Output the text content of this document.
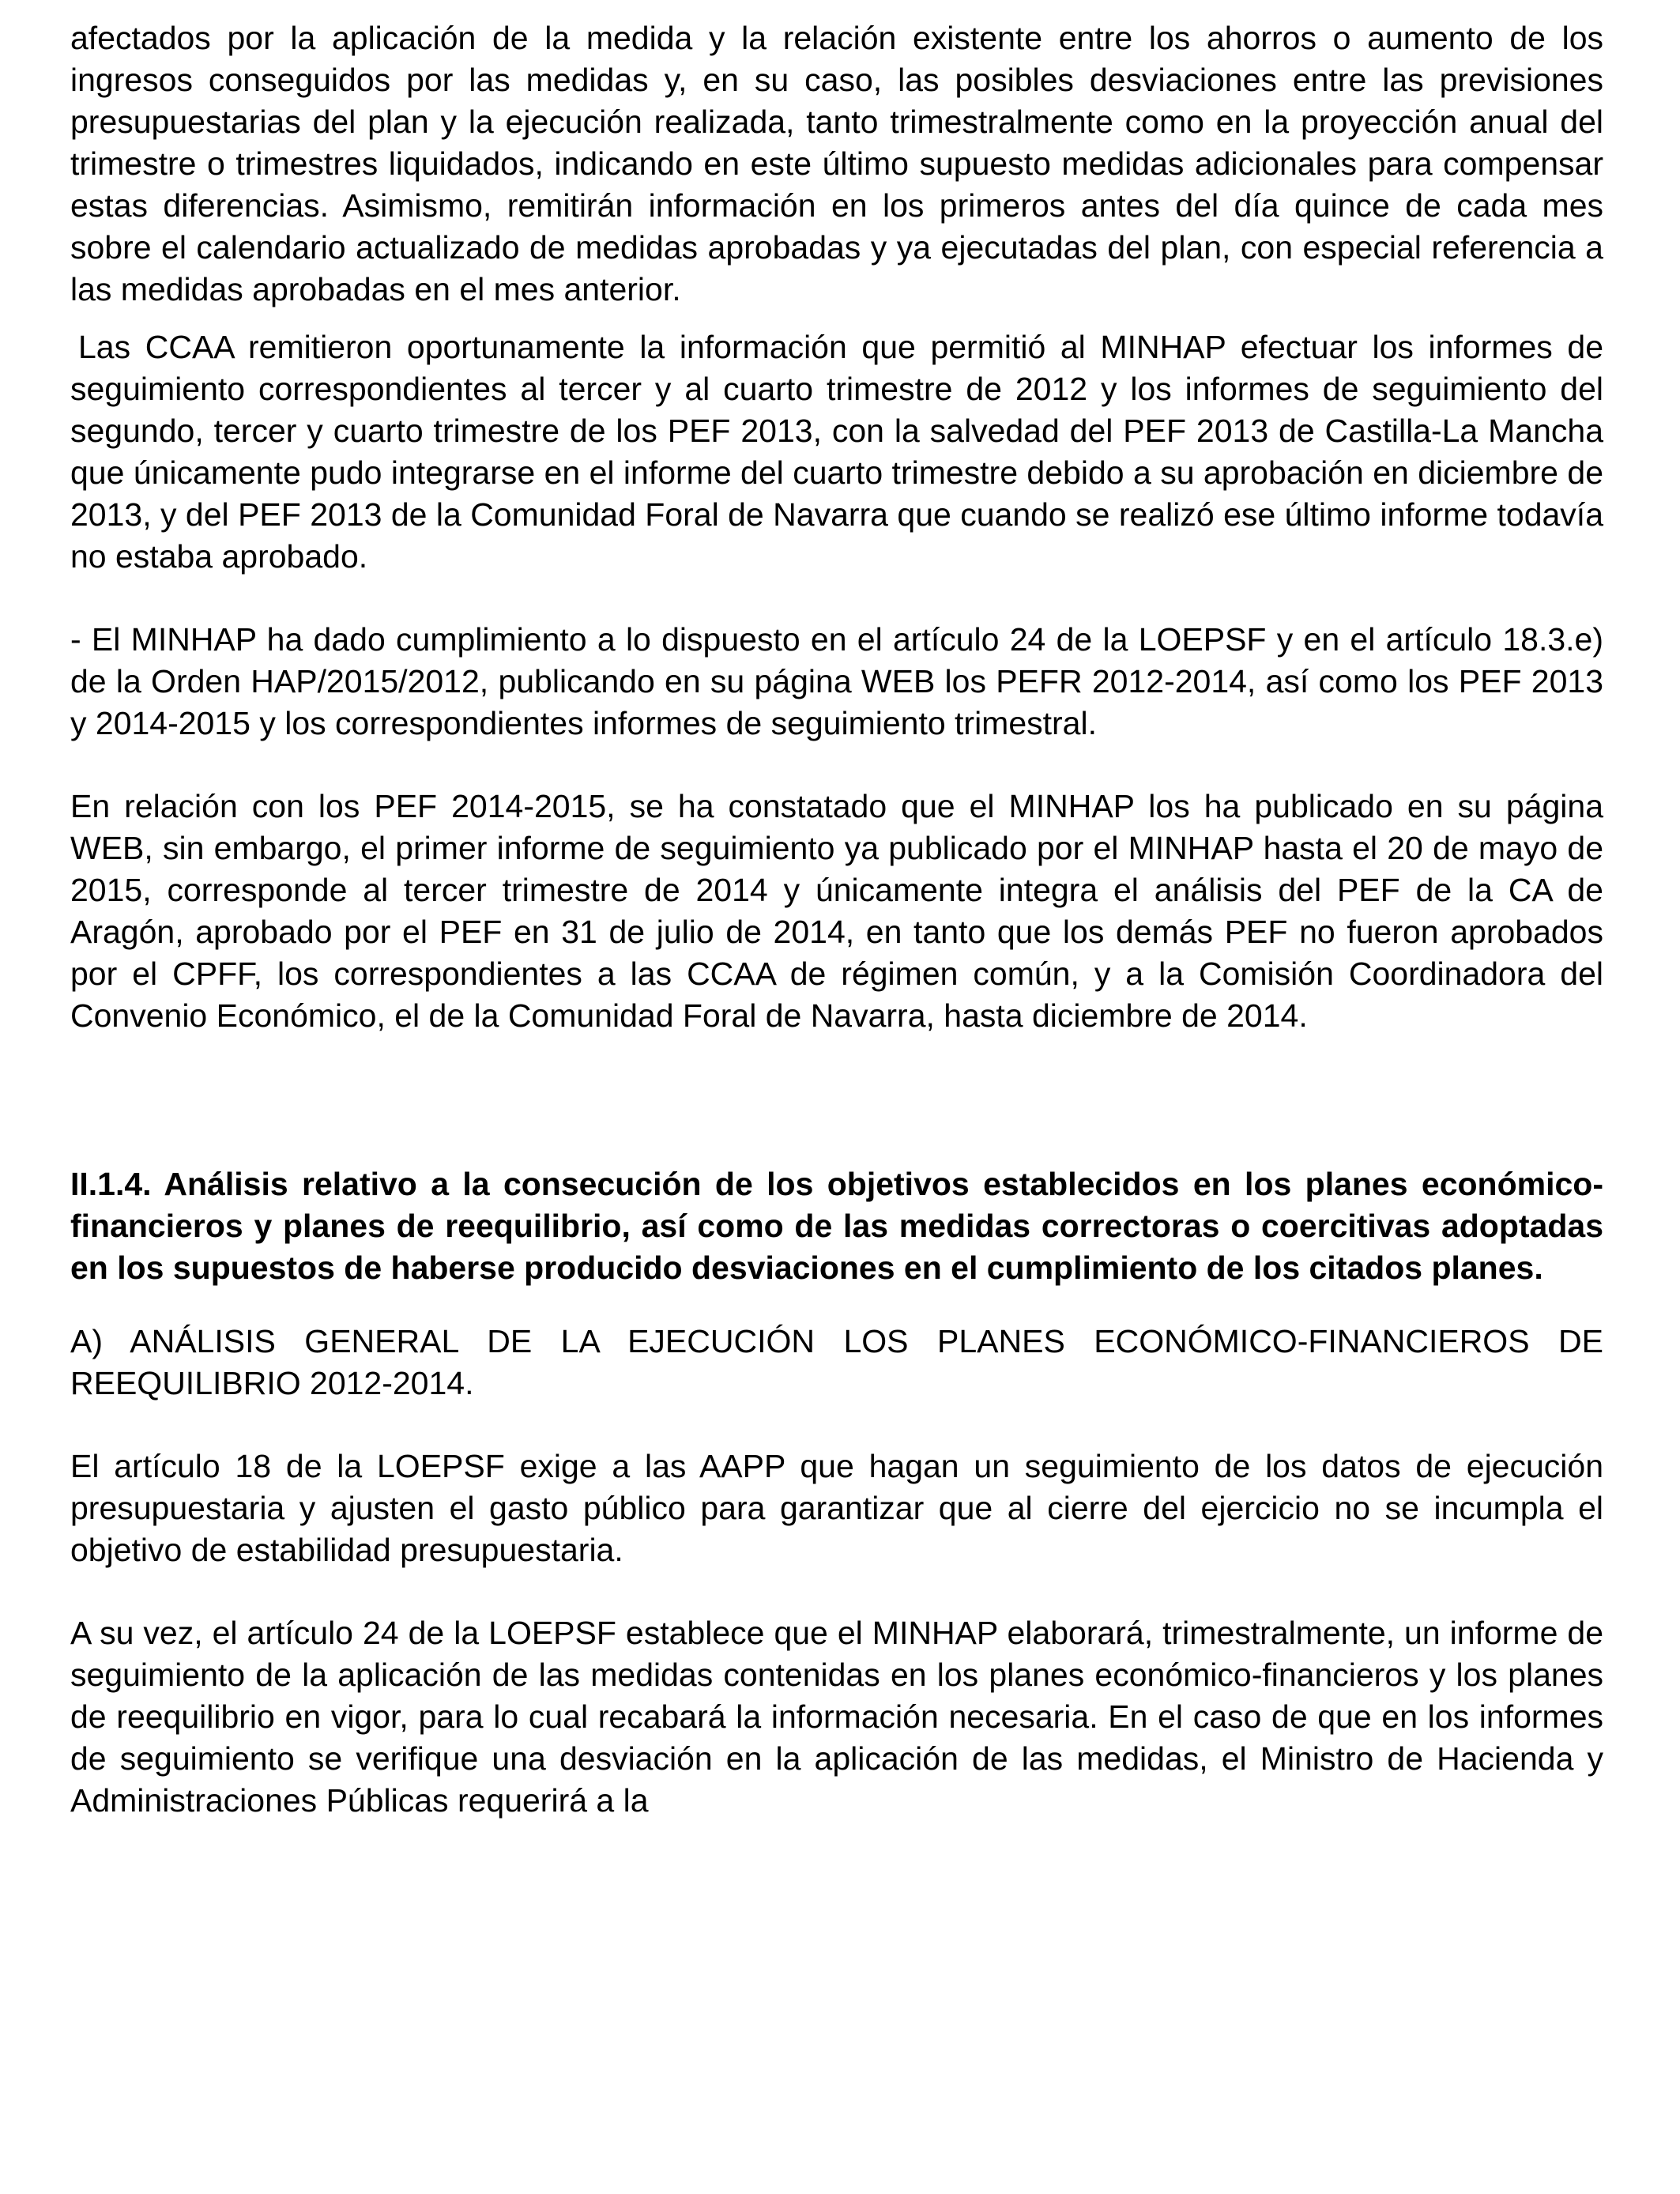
afectados por la aplicación de la medida y la relación existente entre los ahorros o aumento de los ingresos conseguidos por las medidas y, en su caso, las posibles desviaciones entre las previsiones presupuestarias del plan y la ejecución realizada, tanto trimestralmente como en la proyección anual del trimestre o trimestres liquidados, indicando en este último supuesto medidas adicionales para compensar estas diferencias. Asimismo, remitirán información en los primeros antes del día quince de cada mes sobre el calendario actualizado de medidas aprobadas y ya ejecutadas del plan, con especial referencia a las medidas aprobadas en el mes anterior.

Las CCAA remitieron oportunamente la información que permitió al MINHAP efectuar los informes de seguimiento correspondientes al tercer y al cuarto trimestre de 2012 y los informes de seguimiento del segundo, tercer y cuarto trimestre de los PEF 2013, con la salvedad del PEF 2013 de Castilla-La Mancha que únicamente pudo integrarse en el informe del cuarto trimestre debido a su aprobación en diciembre de 2013, y del PEF 2013 de la Comunidad Foral de Navarra que cuando se realizó ese último informe todavía no estaba aprobado.

- El MINHAP ha dado cumplimiento a lo dispuesto en el artículo 24 de la LOEPSF y en el artículo 18.3.e) de la Orden HAP/2015/2012, publicando en su página WEB los PEFR 2012-2014, así como los PEF 2013 y 2014-2015 y los correspondientes informes de seguimiento trimestral.

En relación con los PEF 2014-2015, se ha constatado que el MINHAP los ha publicado en su página WEB, sin embargo, el primer informe de seguimiento ya publicado por el MINHAP hasta el 20 de mayo de 2015, corresponde al tercer trimestre de 2014 y únicamente integra el análisis del PEF de la CA de Aragón, aprobado por el PEF en 31 de julio de 2014, en tanto que los demás PEF no fueron aprobados por el CPFF, los correspondientes a las CCAA de régimen común, y a la Comisión Coordinadora del Convenio Económico, el de la Comunidad Foral de Navarra, hasta diciembre de 2014.

II.1.4. Análisis relativo a la consecución de los objetivos establecidos en los planes económico-financieros y planes de reequilibrio, así como de las medidas correctoras o coercitivas adoptadas en los supuestos de haberse producido desviaciones en el cumplimiento de los citados planes.

A) ANÁLISIS GENERAL DE LA EJECUCIÓN LOS PLANES ECONÓMICO-FINANCIEROS DE REEQUILIBRIO 2012-2014.

El artículo 18 de la LOEPSF exige a las AAPP que hagan un seguimiento de los datos de ejecución presupuestaria y ajusten el gasto público para garantizar que al cierre del ejercicio no se incumpla el objetivo de estabilidad presupuestaria.

A su vez, el artículo 24 de la LOEPSF establece que el MINHAP elaborará, trimestralmente, un informe de seguimiento de la aplicación de las medidas contenidas en los planes económico-financieros y los planes de reequilibrio en vigor, para lo cual recabará la información necesaria. En el caso de que en los informes de seguimiento se verifique una desviación en la aplicación de las medidas, el Ministro de Hacienda y Administraciones Públicas requerirá a la
